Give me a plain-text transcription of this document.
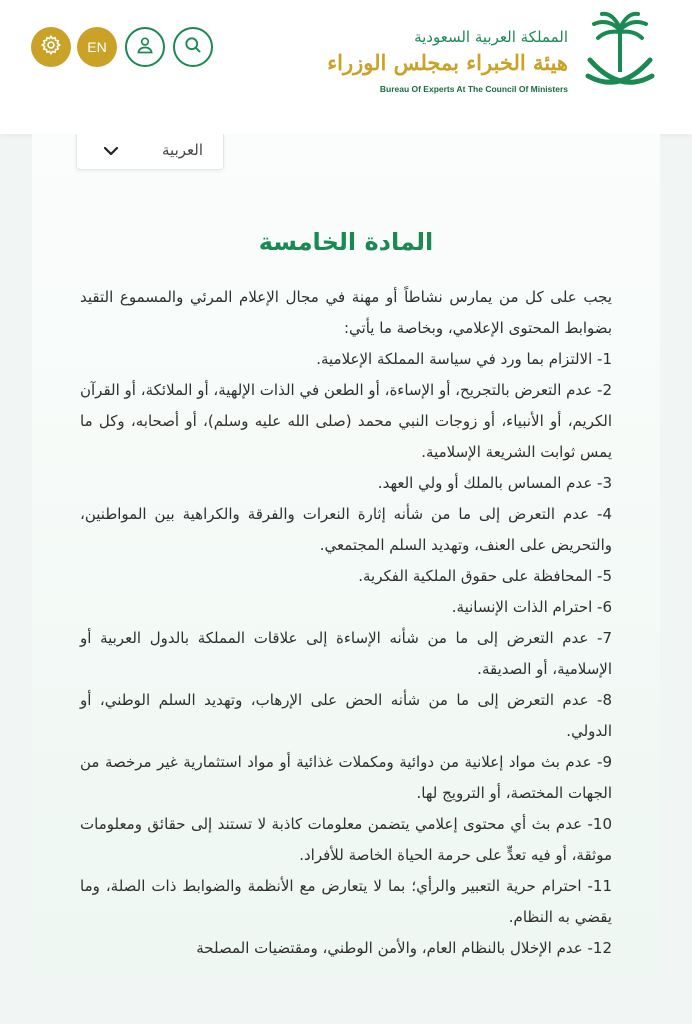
EN
المملكة العربية السعودية
هيئة الخبراء بمجلس الوزراء
Bureau Of Experts At The Council Of Ministers
العربية
المادة الخامسة

يجب على كل من يمارس نشاطاً أو مهنة في مجال الإعلام المرئي والمسموع التقيد بضوابط المحتوى الإعلامي، وبخاصة ما يأتي:

1- الالتزام بما ورد في سياسة المملكة الإعلامية.

2- عدم التعرض بالتجريح، أو الإساءة، أو الطعن في الذات الإلهية، أو الملائكة، أو القرآن الكريم، أو الأنبياء، أو زوجات النبي محمد (صلى الله عليه وسلم)، أو أصحابه، وكل ما يمس ثوابت الشريعة الإسلامية.

3- عدم المساس بالملك أو ولي العهد.

4- عدم التعرض إلى ما من شأنه إثارة النعرات والفرقة والكراهية بين المواطنين، والتحريض على العنف، وتهديد السلم المجتمعي.

5- المحافظة على حقوق الملكية الفكرية.

6- احترام الذات الإنسانية.

7- عدم التعرض إلى ما من شأنه الإساءة إلى علاقات المملكة بالدول العربية أو الإسلامية، أو الصديقة.

8- عدم التعرض إلى ما من شأنه الحض على الإرهاب، وتهديد السلم الوطني، أو الدولي.

9- عدم بث مواد إعلانية من دوائية ومكملات غذائية أو مواد استثمارية غير مرخصة من الجهات المختصة، أو الترويج لها.

10- عدم بث أي محتوى إعلامي يتضمن معلومات كاذبة لا تستند إلى حقائق ومعلومات موثقة، أو فيه تعدٍّ على حرمة الحياة الخاصة للأفراد.

11- احترام حرية التعبير والرأي؛ بما لا يتعارض مع الأنظمة والضوابط ذات الصلة، وما يقضي به النظام.

12- عدم الإخلال بالنظام العام، والأمن الوطني، ومقتضيات المصلحة
